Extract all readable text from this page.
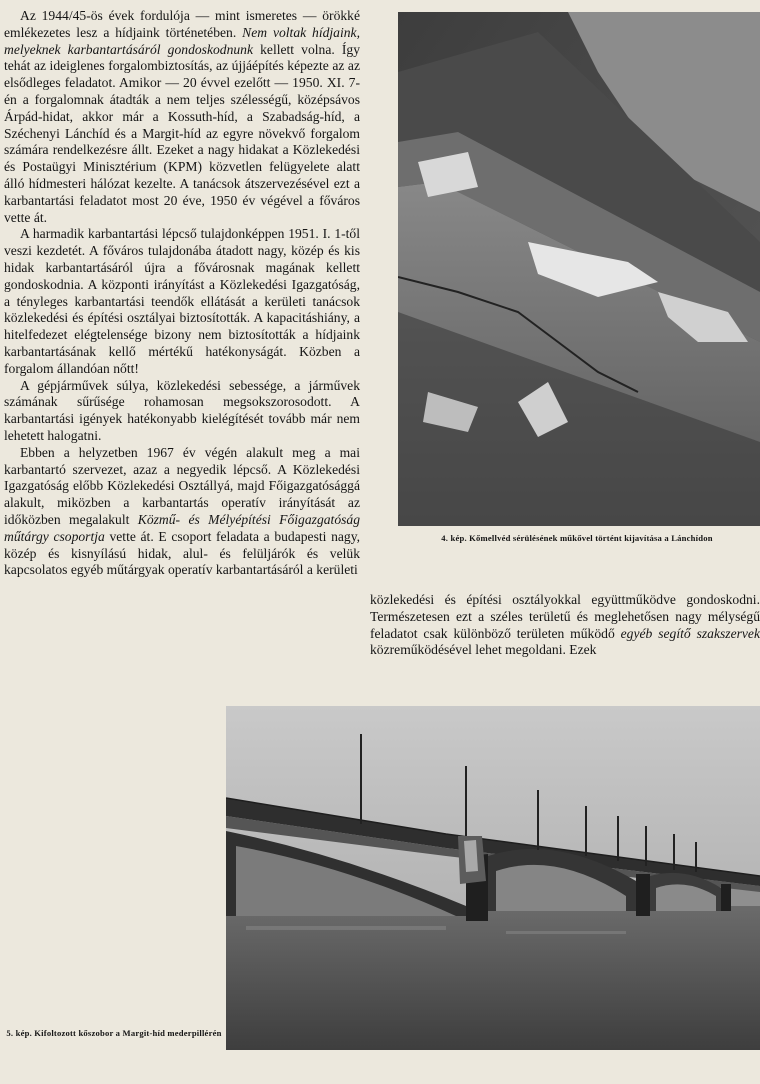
Az 1944/45-ös évek fordulója — mint ismeretes — örökké emlékezetes lesz a hídjaink történetében. Nem voltak hídjaink, melyeknek karbantartásáról gondoskodnunk kellett volna. Így tehát az ideiglenes forgalombiztosítás, az újjáépítés képezte az az elsődleges feladatot. Amikor — 20 évvel ezelőtt — 1950. XI. 7-én a forgalomnak átadták a nem teljes szélességű, középsávos Árpád-hidat, akkor már a Kossuth-híd, a Szabadság-híd, a Széchenyi Lánchíd és a Margit-híd az egyre növekvő forgalom számára rendelkezésre állt. Ezeket a nagy hidakat a Közlekedési és Postaügyi Minisztérium (KPM) közvetlen felügyelete alatt álló hídmesteri hálózat kezelte. A tanácsok átszervezésével ezt a karbantartási feladatot most 20 éve, 1950 év végével a főváros vette át.

A harmadik karbantartási lépcső tulajdonképpen 1951. I. 1-től veszi kezdetét. A főváros tulajdonába átadott nagy, közép és kis hidak karbantartásáról újra a fővárosnak magának kellett gondoskodnia. A központi irányítást a Közlekedési Igazgatóság, a tényleges karbantartási teendők ellátását a kerületi tanácsok közlekedési és építési osztályai biztosították. A kapacitáshiány, a hitelfedezet elégtelensége bizony nem biztosították a hídjaink karbantartásának kellő mértékű hatékonyságát. Közben a forgalom állandóan nőtt!

A gépjárművek súlya, közlekedési sebessége, a járművek számának sűrűsége rohamosan megsokszorosodott. A karbantartási igények hatékonyabb kielégítését tovább már nem lehetett halogatni.

Ebben a helyzetben 1967 év végén alakult meg a mai karbantartó szervezet, azaz a negyedik lépcső. A Közlekedési Igazgatóság előbb Közlekedési Osztállyá, majd Főigazgatósággá alakult, miközben a karbantartás operatív irányítását az időközben megalakult Közmű- és Mélyépítési Főigazgatóság műtárgy csoportja vette át. E csoport feladata a budapesti nagy, közép és kisnyílású hidak, alul- és felüljárók és velük kapcsolatos egyéb műtárgyak operatív karbantartásáról a kerületi

4. kép. Kőmellvéd sérülésének műkővel történt kijavítása a Lánchídon

közlekedési és építési osztályokkal együttműködve gondoskodni. Természetesen ezt a széles területű és meglehetősen nagy mélységű feladatot csak különböző területen működő egyéb segítő szakszervek közreműködésével lehet megoldani. Ezek

5. kép. Kifoltozott kőszobor a Margit-híd mederpillérén
